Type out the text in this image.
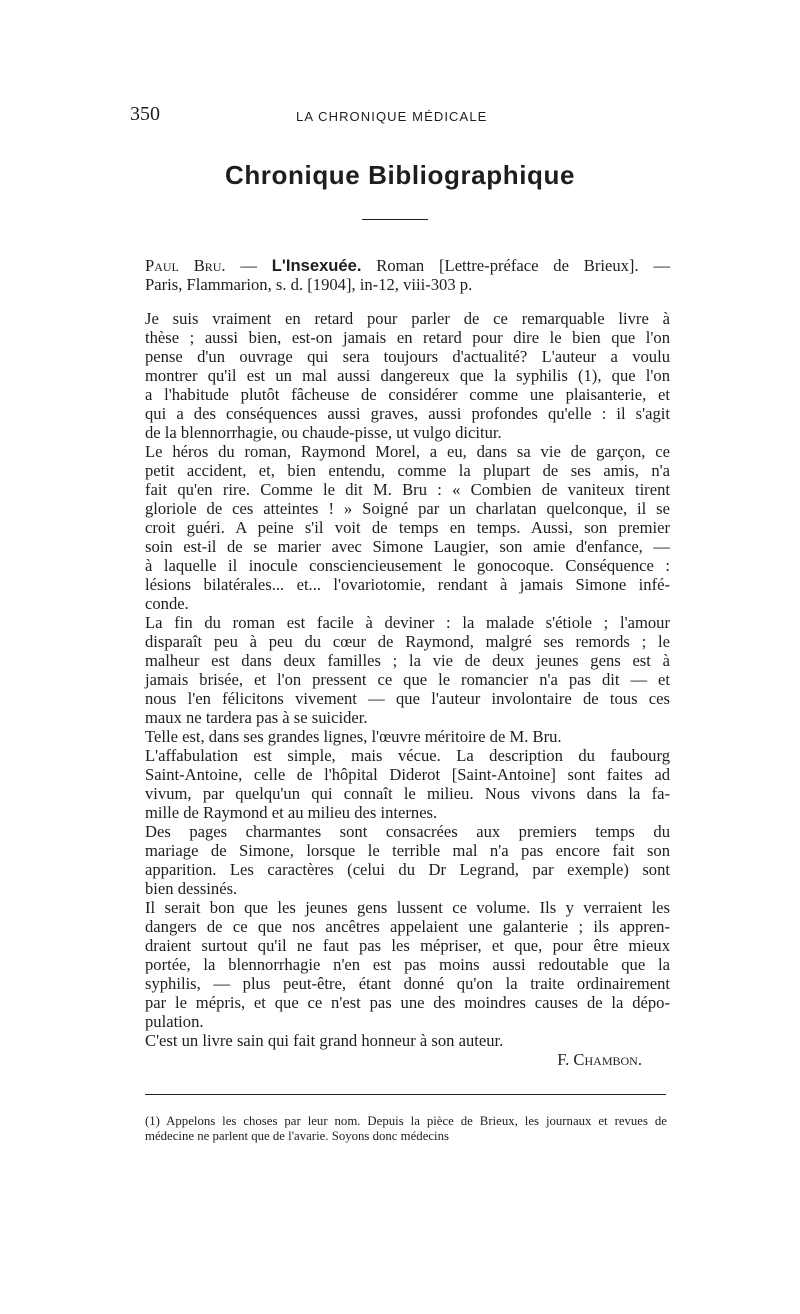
350	LA CHRONIQUE MÉDICALE
Chronique Bibliographique
Paul Bru. — L'Insexuée. Roman [Lettre-préface de Brieux]. —
Paris, Flammarion, s. d. [1904], in-12, viii-303 p.
Je suis vraiment en retard pour parler de ce remarquable livre à
thèse ; aussi bien, est-on jamais en retard pour dire le bien que l'on
pense d'un ouvrage qui sera toujours d'actualité? L'auteur a voulu
montrer qu'il est un mal aussi dangereux que la syphilis (1), que l'on
a l'habitude plutôt fâcheuse de considérer comme une plaisanterie, et
qui a des conséquences aussi graves, aussi profondes qu'elle : il s'agit
de la blennorrhagie, ou chaude-pisse, ut vulgo dicitur.
Le héros du roman, Raymond Morel, a eu, dans sa vie de garçon, ce
petit accident, et, bien entendu, comme la plupart de ses amis, n'a
fait qu'en rire. Comme le dit M. Bru : « Combien de vaniteux tirent
gloriole de ces atteintes ! » Soigné par un charlatan quelconque, il se
croit guéri. A peine s'il voit de temps en temps. Aussi, son premier
soin est-il de se marier avec Simone Laugier, son amie d'enfance, —
à laquelle il inocule consciencieusement le gonocoque. Conséquence :
lésions bilatérales... et... l'ovariotomie, rendant à jamais Simone infé-
conde.
La fin du roman est facile à deviner : la malade s'étiole ; l'amour
disparaît peu à peu du cœur de Raymond, malgré ses remords ; le
malheur est dans deux familles ; la vie de deux jeunes gens est à
jamais brisée, et l'on pressent ce que le romancier n'a pas dit — et
nous l'en félicitons vivement — que l'auteur involontaire de tous ces
maux ne tardera pas à se suicider.
Telle est, dans ses grandes lignes, l'œuvre méritoire de M. Bru.
L'affabulation est simple, mais vécue. La description du faubourg
Saint-Antoine, celle de l'hôpital Diderot [Saint-Antoine] sont faites ad
vivum, par quelqu'un qui connaît le milieu. Nous vivons dans la fa-
mille de Raymond et au milieu des internes.
Des pages charmantes sont consacrées aux premiers temps du
mariage de Simone, lorsque le terrible mal n'a pas encore fait son
apparition. Les caractères (celui du Dr Legrand, par exemple) sont
bien dessinés.
Il serait bon que les jeunes gens lussent ce volume. Ils y verraient les
dangers de ce que nos ancêtres appelaient une galanterie ; ils appren-
draient surtout qu'il ne faut pas les mépriser, et que, pour être mieux
portée, la blennorrhagie n'en est pas moins aussi redoutable que la
syphilis, — plus peut-être, étant donné qu'on la traite ordinairement
par le mépris, et que ce n'est pas une des moindres causes de la dépo-
pulation.
C'est un livre sain qui fait grand honneur à son auteur.
F. Chambon.
(1) Appelons les choses par leur nom. Depuis la pièce de Brieux, les journaux et revues de
médecine ne parlent que de l'avarie. Soyons donc médecins
